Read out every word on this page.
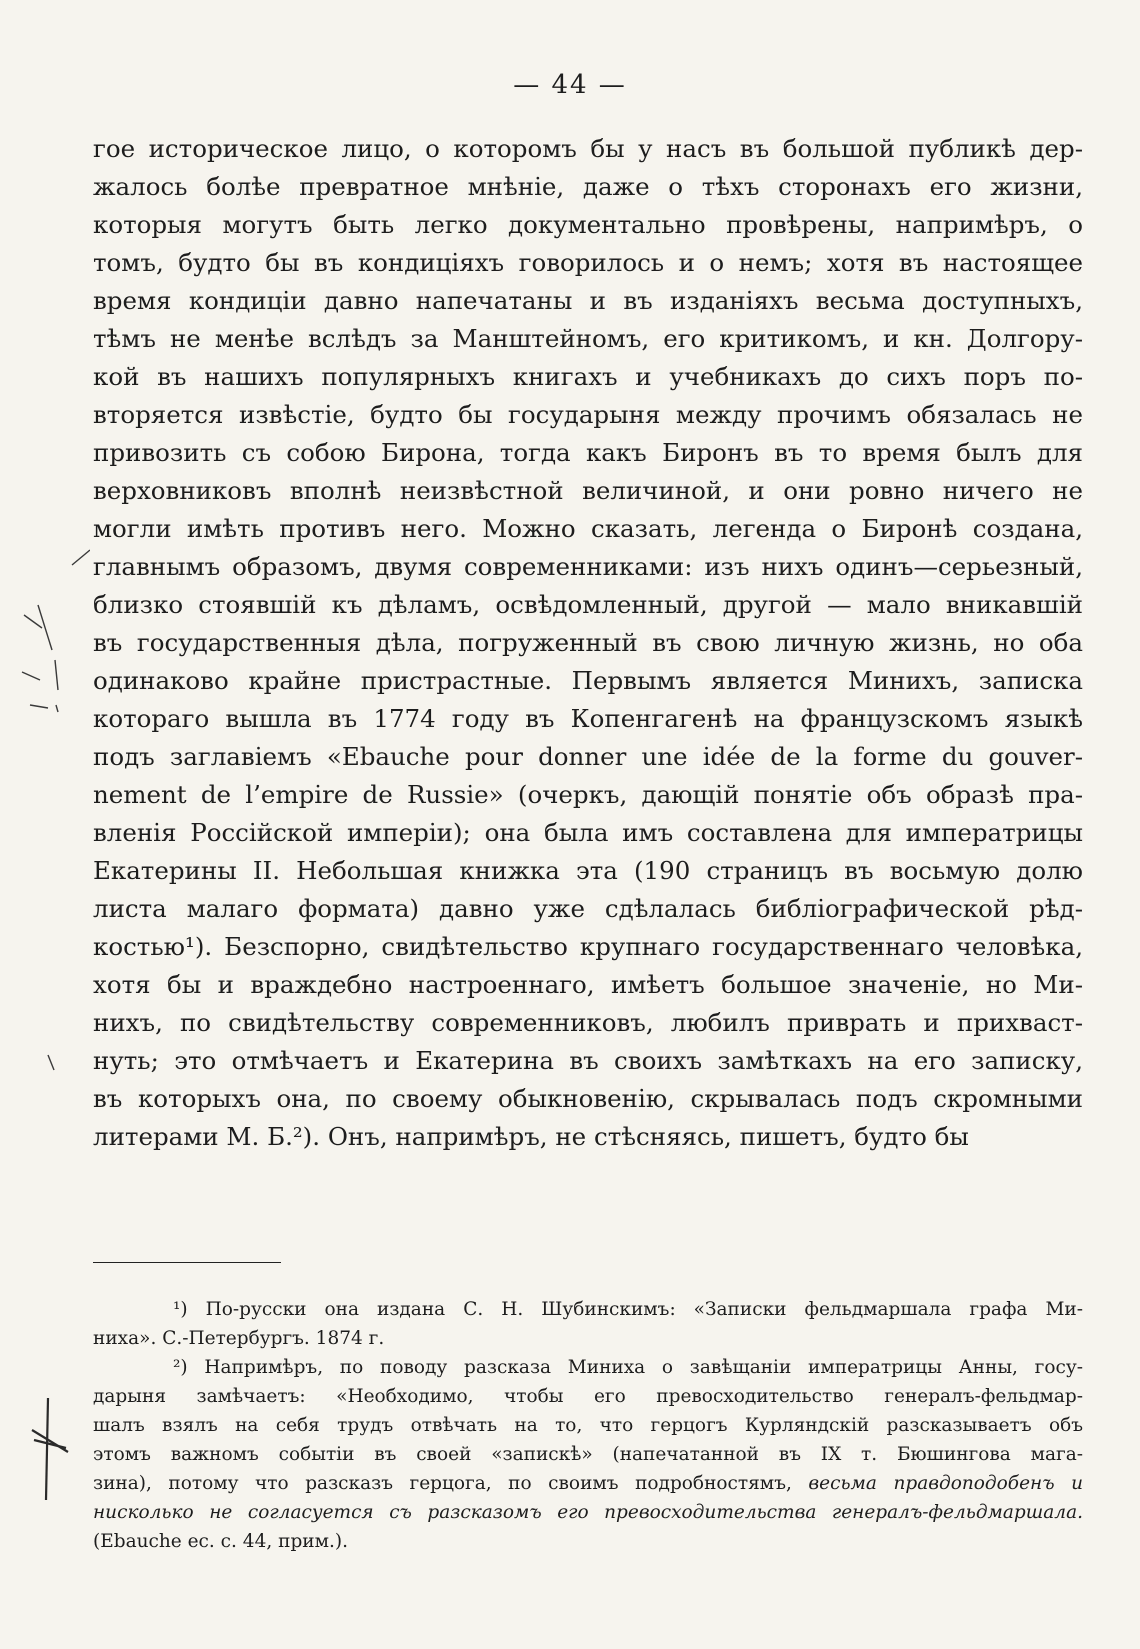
— 44 —
гое историческое лицо, о которомъ бы у насъ въ большой публикѣ дер-
жалось болѣе превратное мнѣніе, даже о тѣхъ сторонахъ его жизни,
которыя могутъ быть легко документально провѣрены, напримѣръ, о
томъ, будто бы въ кондиціяхъ говорилось и о немъ; хотя въ настоящее
время кондиціи давно напечатаны и въ изданіяхъ весьма доступныхъ,
тѣмъ не менѣе вслѣдъ за Манштейномъ, его критикомъ, и кн. Долгору-
кой въ нашихъ популярныхъ книгахъ и учебникахъ до сихъ поръ по-
вторяется извѣстіе, будто бы государыня между прочимъ обязалась не
привозить съ собою Бирона, тогда какъ Биронъ въ то время былъ для
верховниковъ вполнѣ неизвѣстной величиной, и они ровно ничего не
могли имѣть противъ него. Можно сказать, легенда о Биронѣ создана,
главнымъ образомъ, двумя современниками: изъ нихъ одинъ—серьезный,
близко стоявшій къ дѣламъ, освѣдомленный, другой — мало вникавшій
въ государственныя дѣла, погруженный въ свою личную жизнь, но оба
одинаково крайне пристрастные. Первымъ является Минихъ, записка
котораго вышла въ 1774 году въ Копенгагенѣ на французскомъ языкѣ
подъ заглавіемъ «Ebauche pour donner une idée de la forme du gouver-
nement de l’empire de Russie» (очеркъ, дающій понятіе объ образѣ пра-
вленія Россійской имперіи); она была имъ составлена для императрицы
Екатерины II. Небольшая книжка эта (190 страницъ въ восьмую долю
листа малаго формата) давно уже сдѣлалась библіографической рѣд-
костью¹). Безспорно, свидѣтельство крупнаго государственнаго человѣка,
хотя бы и враждебно настроеннаго, имѣетъ большое значеніе, но Ми-
нихъ, по свидѣтельству современниковъ, любилъ приврать и прихваст-
нуть; это отмѣчаетъ и Екатерина въ своихъ замѣткахъ на его записку,
въ которыхъ она, по своему обыкновенію, скрывалась подъ скромными
литерами М. Б.²). Онъ, напримѣръ, не стѣсняясь, пишетъ, будто бы
¹) По-русски она издана С. Н. Шубинскимъ: «Записки фельдмаршала графа Ми-
ниха». С.-Петербургъ. 1874 г.
²) Напримѣръ, по поводу разсказа Миниха о завѣщаніи императрицы Анны, госу-
дарыня замѣчаетъ: «Необходимо, чтобы его превосходительство генералъ-фельдмар-
шалъ взялъ на себя трудъ отвѣчать на то, что герцогъ Курляндскій разсказываетъ объ
этомъ важномъ событіи въ своей «запискѣ» (напечатанной въ IX т. Бюшингова мага-
зина), потому что разсказъ герцога, по своимъ подробностямъ, весьма правдоподобенъ и
нисколько не согласуется съ разсказомъ его превосходительства генералъ-фельдмаршала.
(Ebauche ес. с. 44, прим.).
